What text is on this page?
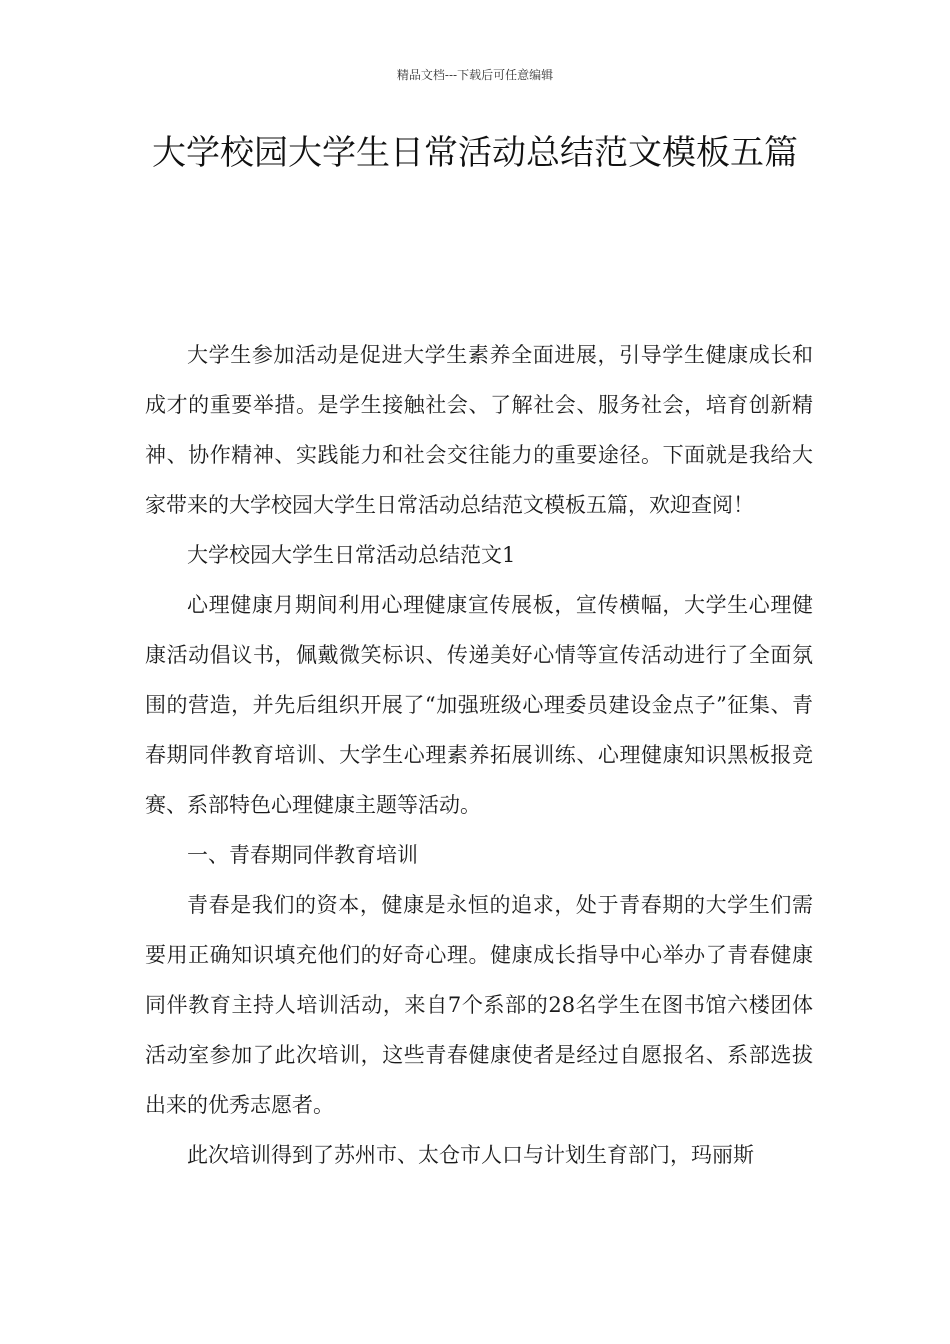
精品文档---下载后可任意编辑
大学校园大学生日常活动总结范文模板五篇

大学生参加活动是促进大学生素养全面进展，引导学生健康成长和成才的重要举措。是学生接触社会、了解社会、服务社会，培育创新精神、协作精神、实践能力和社会交往能力的重要途径。下面就是我给大家带来的大学校园大学生日常活动总结范文模板五篇，欢迎查阅！

大学校园大学生日常活动总结范文1

心理健康月期间利用心理健康宣传展板，宣传横幅，大学生心理健康活动倡议书，佩戴微笑标识、传递美好心情等宣传活动进行了全面氛围的营造，并先后组织开展了“加强班级心理委员建设金点子”征集、青春期同伴教育培训、大学生心理素养拓展训练、心理健康知识黑板报竞赛、系部特色心理健康主题等活动。

一、青春期同伴教育培训

青春是我们的资本，健康是永恒的追求，处于青春期的大学生们需要用正确知识填充他们的好奇心理。健康成长指导中心举办了青春健康同伴教育主持人培训活动，来自7个系部的28名学生在图书馆六楼团体活动室参加了此次培训，这些青春健康使者是经过自愿报名、系部选拔出来的优秀志愿者。

此次培训得到了苏州市、太仓市人口与计划生育部门，玛丽斯
